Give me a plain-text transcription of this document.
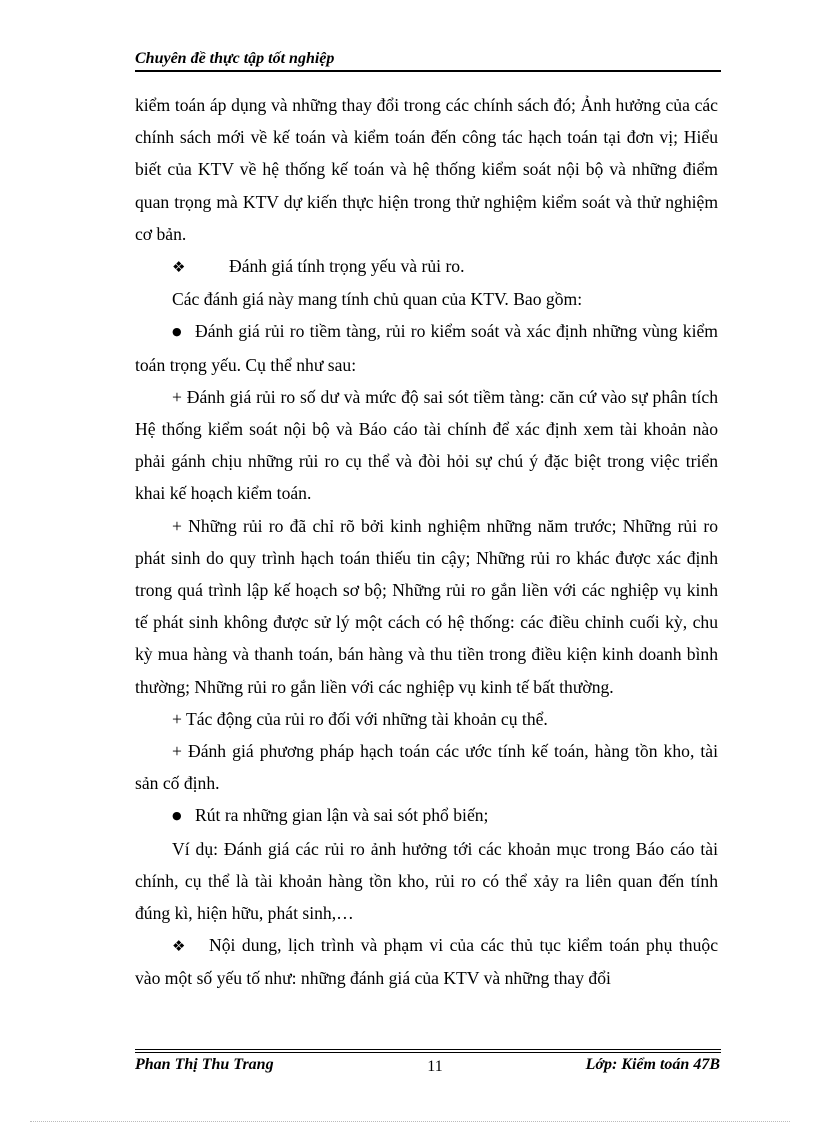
Chuyên đề thực tập tốt nghiệp

kiểm toán áp dụng và những thay đổi trong các chính sách đó; Ảnh hưởng của các chính sách mới về kế toán và kiểm toán đến công tác hạch toán tại đơn vị; Hiểu biết của KTV về hệ thống kế toán và hệ thống kiểm soát nội bộ và những điểm quan trọng mà KTV dự kiến thực hiện trong thử nghiệm kiểm soát và thử nghiệm cơ bản.

❖	Đánh giá tính trọng yếu và rủi ro.

Các đánh giá này mang tính chủ quan của KTV. Bao gồm:

● Đánh giá rủi ro tiềm tàng, rủi ro kiểm soát và xác định những vùng kiểm toán trọng yếu. Cụ thể như sau:

+ Đánh giá rủi ro số dư và mức độ sai sót tiềm tàng: căn cứ vào sự phân tích Hệ thống kiểm soát nội bộ và Báo cáo tài chính để xác định xem tài khoản nào phải gánh chịu những rủi ro cụ thể và đòi hỏi sự chú ý đặc biệt trong việc triển khai kế hoạch kiểm toán.

+ Những rủi ro đã chỉ rõ bởi kinh nghiệm những năm trước; Những rủi ro phát sinh do quy trình hạch toán thiếu tin cậy; Những rủi ro khác được xác định trong quá trình lập kế hoạch sơ bộ; Những rủi ro gắn liền với các nghiệp vụ kinh tế phát sinh không được sử lý một cách có hệ thống: các điều chỉnh cuối kỳ, chu kỳ mua hàng và thanh toán, bán hàng và thu tiền trong điều kiện kinh doanh bình thường; Những rủi ro gắn liền với các nghiệp vụ kinh tế bất thường.

+ Tác động của rủi ro đối với những tài khoản cụ thể.

+ Đánh giá phương pháp hạch toán các ước tính kế toán, hàng tồn kho, tài sản cố định.

● Rút ra những gian lận và sai sót phổ biến;

Ví dụ: Đánh giá các rủi ro ảnh hưởng tới các khoản mục trong Báo cáo tài chính, cụ thể là tài khoản hàng tồn kho, rủi ro có thể xảy ra liên quan đến tính đúng kì, hiện hữu, phát sinh,…

❖ Nội dung, lịch trình và phạm vi của các thủ tục kiểm toán phụ thuộc vào một số yếu tố như: những đánh giá của KTV và những thay đổi

Phan Thị Thu Trang	11	Lớp: Kiểm toán 47B
